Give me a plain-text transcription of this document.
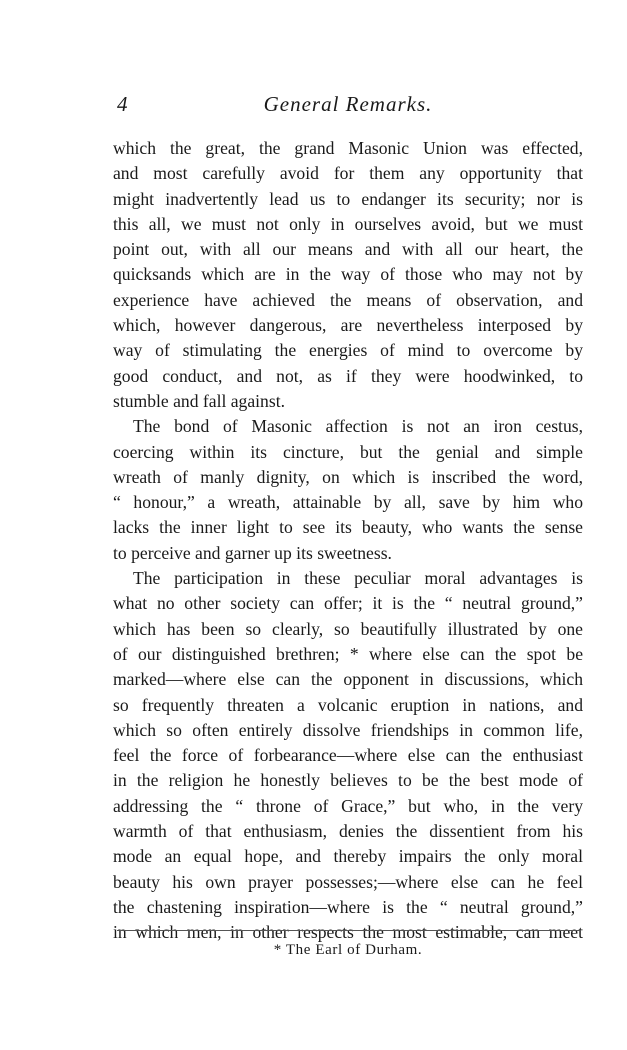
4	General Remarks.
which the great, the grand Masonic Union was effected,
and most carefully avoid for them any opportunity that
might inadvertently lead us to endanger its security; nor is
this all, we must not only in ourselves avoid, but we must
point out, with all our means and with all our heart, the
quicksands which are in the way of those who may not by
experience have achieved the means of observation, and
which, however dangerous, are nevertheless interposed by
way of stimulating the energies of mind to overcome by
good conduct, and not, as if they were hoodwinked, to
stumble and fall against.
The bond of Masonic affection is not an iron cestus,
coercing within its cincture, but the genial and simple
wreath of manly dignity, on which is inscribed the word,
“ honour,” a wreath, attainable by all, save by him who
lacks the inner light to see its beauty, who wants the sense
to perceive and garner up its sweetness.
The participation in these peculiar moral advantages is
what no other society can offer; it is the “ neutral ground,”
which has been so clearly, so beautifully illustrated by one
of our distinguished brethren; * where else can the spot be
marked—where else can the opponent in discussions, which
so frequently threaten a volcanic eruption in nations, and
which so often entirely dissolve friendships in common life,
feel the force of forbearance—where else can the enthusiast
in the religion he honestly believes to be the best mode of
addressing the “ throne of Grace,” but who, in the very
warmth of that enthusiasm, denies the dissentient from his
mode an equal hope, and thereby impairs the only moral
beauty his own prayer possesses;—where else can he feel
the chastening inspiration—where is the “ neutral ground,”
in which men, in other respects the most estimable, can meet
* The Earl of Durham.
